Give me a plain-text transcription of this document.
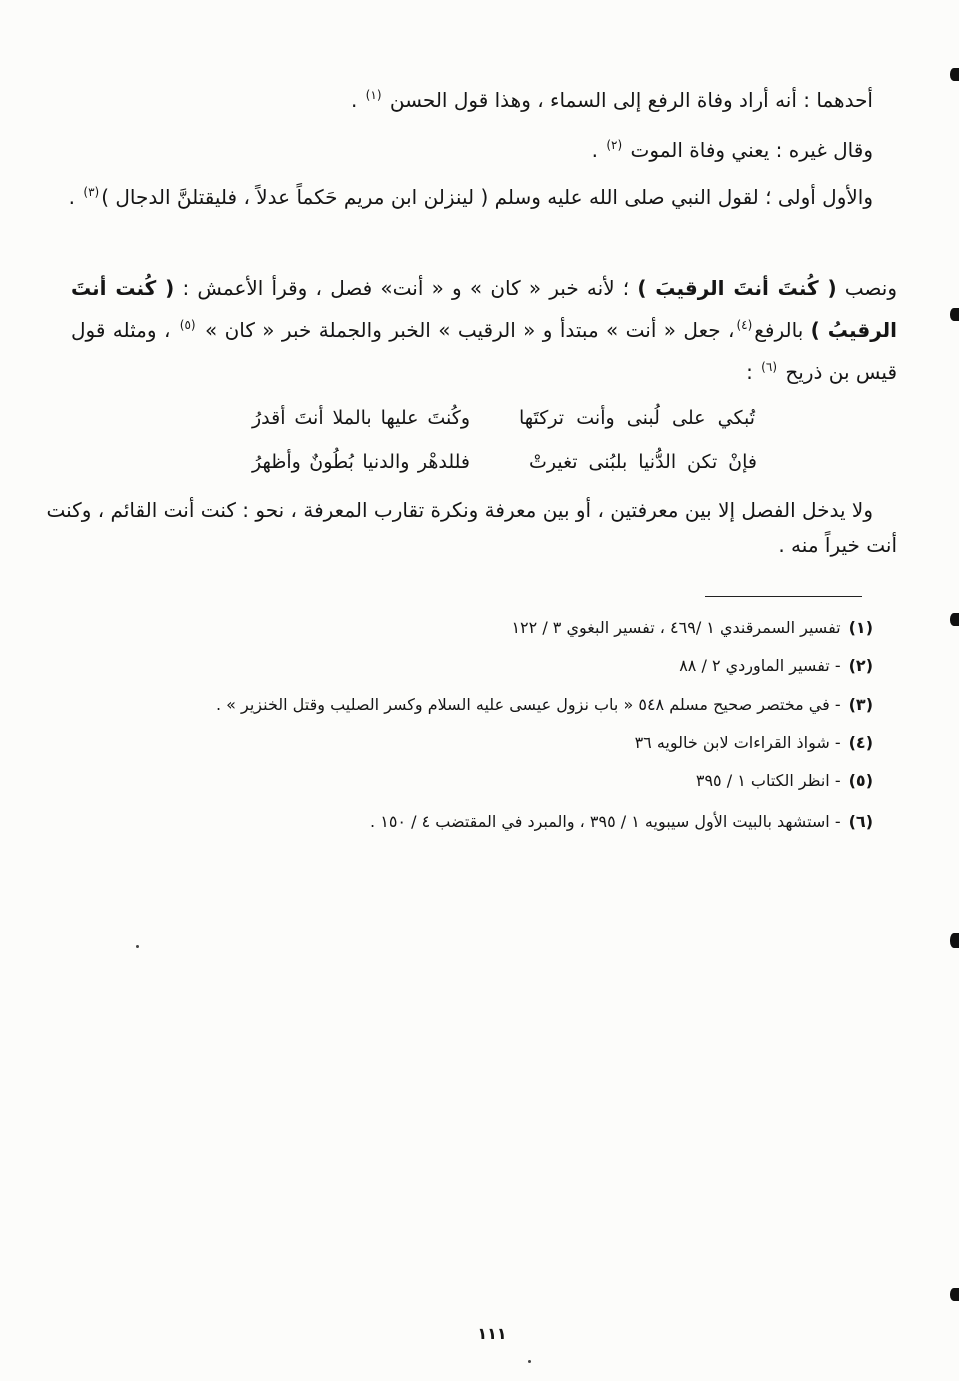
أحدهما : أنه أراد وفاة الرفع إلى السماء ، وهذا قول الحسن $^{(١)}$ .
وقال غيره : يعني وفاة الموت $^{(٢)}$ .
والأول أولى ؛ لقول النبي صلى الله عليه وسلم ( لينزلن ابن مريم حَكماً عدلاً ، فليقتلنَّ الدجال )$^{(٣)}$ .
ونصب ( كُنتَ أنتَ الرقيبَ ) ؛ لأنه خبر « كان » و « أنت» فصل ، وقرأ الأعمش : ( كُنت أنتَ
الرقيبُ ) بالرفع$^{(٤)}$، جعل « أنت » مبتدأ و « الرقيب » الخبر والجملة خبر « كان » $^{(٥)}$ ، ومثله قول
قيس بن ذريح $^{(٦)}$ :
تُبكي على لُبنى وأنت تركتَها
وكُنتَ عليها بالملا أنتَ أقدرُ
فإنْ تكن الدُّنيا بلبُنى تغيرتْ
فللدهْر والدنيا بُطُونٌ وأظهرُ
ولا يدخل الفصل إلا بين معرفتين ، أو بين معرفة ونكرة تقارب المعرفة ، نحو : كنت أنت القائم ، وكنت
أنت خيراً منه .
(١)تفسير السمرقندي ١ /٤٦٩ ، تفسير البغوي ٣ / ١٢٢
(٢)- تفسير الماوردي ٢ / ٨٨
(٣)- في مختصر صحيح مسلم ٥٤٨ « باب نزول عيسى عليه السلام وكسر الصليب وقتل الخنزير » .
(٤)- شواذ القراءات لابن خالويه ٣٦
(٥)- انظر الكتاب ١ / ٣٩٥
(٦)- استشهد بالبيت الأول سيبويه ١ / ٣٩٥ ، والمبرد في المقتضب ٤ / ١٥٠ .
١١١
